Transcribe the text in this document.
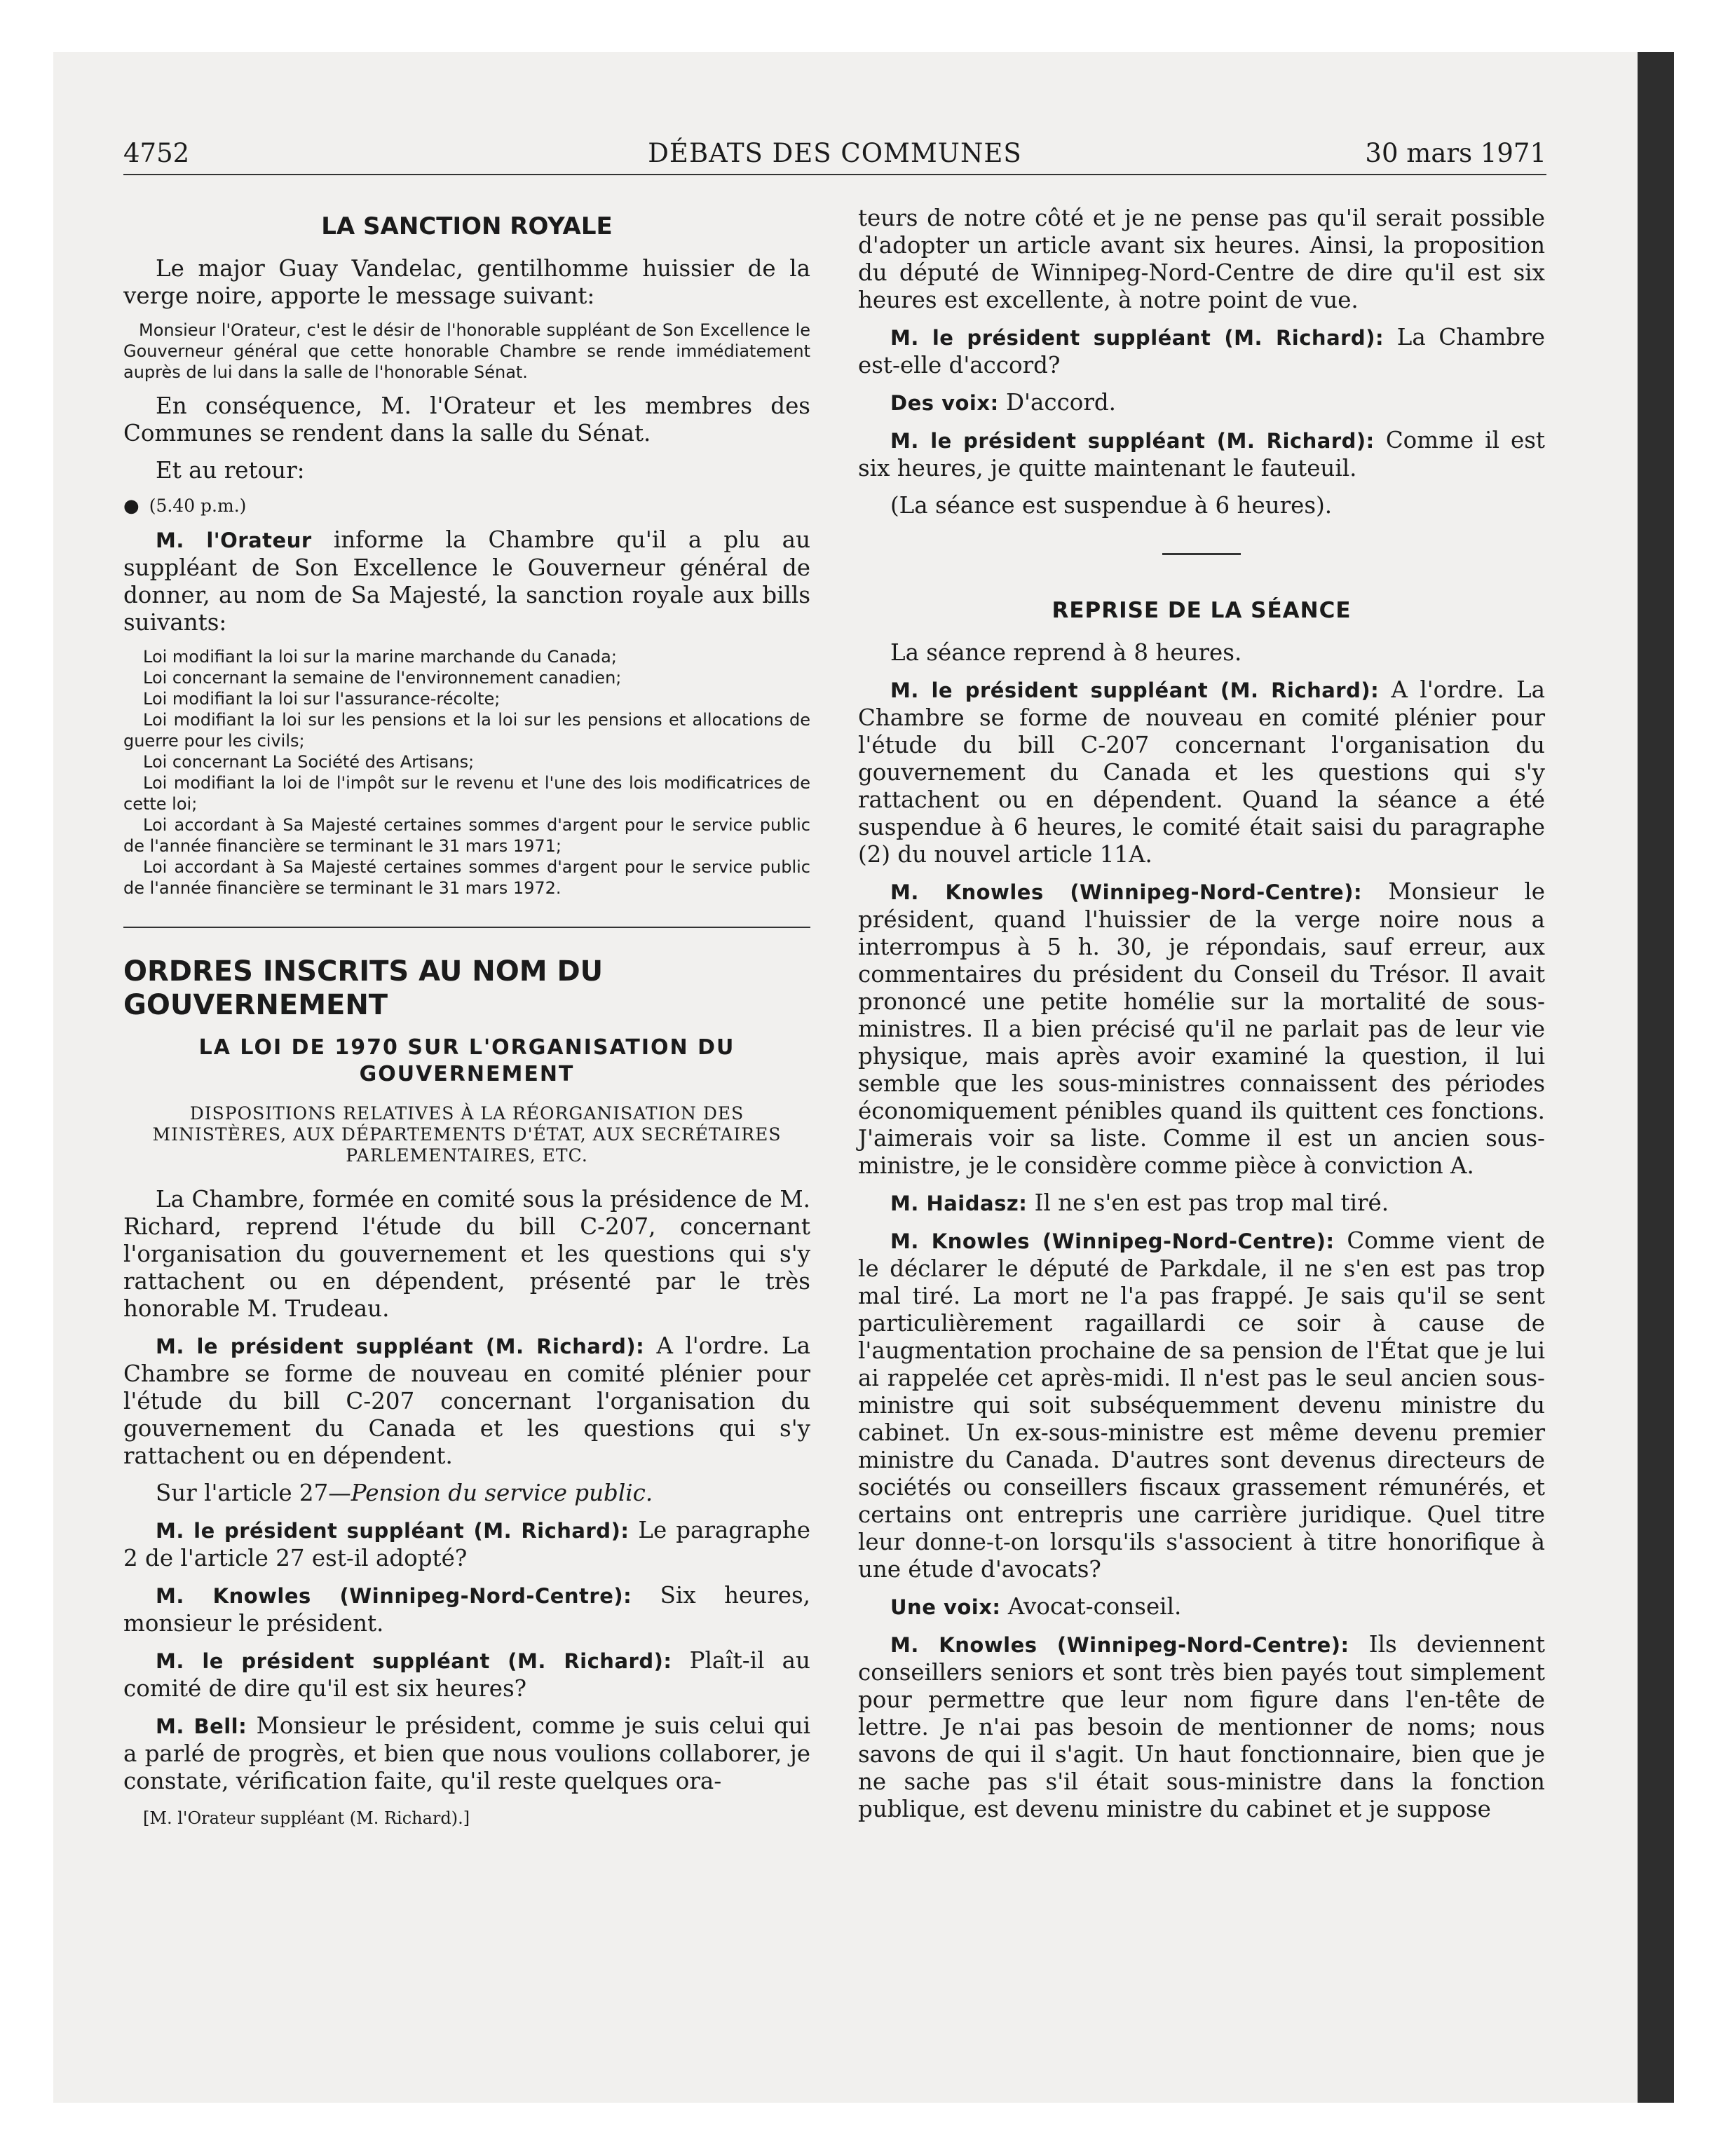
4752	DÉBATS DES COMMUNES	30 mars 1971
LA SANCTION ROYALE

Le major Guay Vandelac, gentilhomme huissier de la verge noire, apporte le message suivant:

Monsieur l'Orateur, c'est le désir de l'honorable suppléant de Son Excellence le Gouverneur général que cette honorable Chambre se rende immédiatement auprès de lui dans la salle de l'honorable Sénat.

En conséquence, M. l'Orateur et les membres des Communes se rendent dans la salle du Sénat.

Et au retour:

● (5.40 p.m.)

M. l'Orateur informe la Chambre qu'il a plu au suppléant de Son Excellence le Gouverneur général de donner, au nom de Sa Majesté, la sanction royale aux bills suivants:

Loi modifiant la loi sur la marine marchande du Canada;

Loi concernant la semaine de l'environnement canadien;

Loi modifiant la loi sur l'assurance-récolte;

Loi modifiant la loi sur les pensions et la loi sur les pensions et allocations de guerre pour les civils;

Loi concernant La Société des Artisans;

Loi modifiant la loi de l'impôt sur le revenu et l'une des lois modificatrices de cette loi;

Loi accordant à Sa Majesté certaines sommes d'argent pour le service public de l'année financière se terminant le 31 mars 1971;

Loi accordant à Sa Majesté certaines sommes d'argent pour le service public de l'année financière se terminant le 31 mars 1972.

ORDRES INSCRITS AU NOM DU GOUVERNEMENT
LA LOI DE 1970 SUR L'ORGANISATION DU GOUVERNEMENT
DISPOSITIONS RELATIVES À LA RÉORGANISATION DES MINISTÈRES, AUX DÉPARTEMENTS D'ÉTAT, AUX SECRÉTAIRES PARLEMENTAIRES, ETC.

La Chambre, formée en comité sous la présidence de M. Richard, reprend l'étude du bill C-207, concernant l'organisation du gouvernement et les questions qui s'y rattachent ou en dépendent, présenté par le très honorable M. Trudeau.

M. le président suppléant (M. Richard): A l'ordre. La Chambre se forme de nouveau en comité plénier pour l'étude du bill C-207 concernant l'organisation du gouvernement du Canada et les questions qui s'y rattachent ou en dépendent.

Sur l'article 27—Pension du service public.

M. le président suppléant (M. Richard): Le paragraphe 2 de l'article 27 est-il adopté?

M. Knowles (Winnipeg-Nord-Centre): Six heures, monsieur le président.

M. le président suppléant (M. Richard): Plaît-il au comité de dire qu'il est six heures?

M. Bell: Monsieur le président, comme je suis celui qui a parlé de progrès, et bien que nous voulions collaborer, je constate, vérification faite, qu'il reste quelques ora-

[M. l'Orateur suppléant (M. Richard).]

teurs de notre côté et je ne pense pas qu'il serait possible d'adopter un article avant six heures. Ainsi, la proposition du député de Winnipeg-Nord-Centre de dire qu'il est six heures est excellente, à notre point de vue.

M. le président suppléant (M. Richard): La Chambre est-elle d'accord?

Des voix: D'accord.

M. le président suppléant (M. Richard): Comme il est six heures, je quitte maintenant le fauteuil.

(La séance est suspendue à 6 heures).

REPRISE DE LA SÉANCE

La séance reprend à 8 heures.

M. le président suppléant (M. Richard): A l'ordre. La Chambre se forme de nouveau en comité plénier pour l'étude du bill C-207 concernant l'organisation du gouvernement du Canada et les questions qui s'y rattachent ou en dépendent. Quand la séance a été suspendue à 6 heures, le comité était saisi du paragraphe (2) du nouvel article 11A.

M. Knowles (Winnipeg-Nord-Centre): Monsieur le président, quand l'huissier de la verge noire nous a interrompus à 5 h. 30, je répondais, sauf erreur, aux commentaires du président du Conseil du Trésor. Il avait prononcé une petite homélie sur la mortalité de sous-ministres. Il a bien précisé qu'il ne parlait pas de leur vie physique, mais après avoir examiné la question, il lui semble que les sous-ministres connaissent des périodes économiquement pénibles quand ils quittent ces fonctions. J'aimerais voir sa liste. Comme il est un ancien sous-ministre, je le considère comme pièce à conviction A.

M. Haidasz: Il ne s'en est pas trop mal tiré.

M. Knowles (Winnipeg-Nord-Centre): Comme vient de le déclarer le député de Parkdale, il ne s'en est pas trop mal tiré. La mort ne l'a pas frappé. Je sais qu'il se sent particulièrement ragaillardi ce soir à cause de l'augmentation prochaine de sa pension de l'État que je lui ai rappelée cet après-midi. Il n'est pas le seul ancien sous-ministre qui soit subséquemment devenu ministre du cabinet. Un ex-sous-ministre est même devenu premier ministre du Canada. D'autres sont devenus directeurs de sociétés ou conseillers fiscaux grassement rémunérés, et certains ont entrepris une carrière juridique. Quel titre leur donne-t-on lorsqu'ils s'associent à titre honorifique à une étude d'avocats?

Une voix: Avocat-conseil.

M. Knowles (Winnipeg-Nord-Centre): Ils deviennent conseillers seniors et sont très bien payés tout simplement pour permettre que leur nom figure dans l'en-tête de lettre. Je n'ai pas besoin de mentionner de noms; nous savons de qui il s'agit. Un haut fonctionnaire, bien que je ne sache pas s'il était sous-ministre dans la fonction publique, est devenu ministre du cabinet et je suppose
